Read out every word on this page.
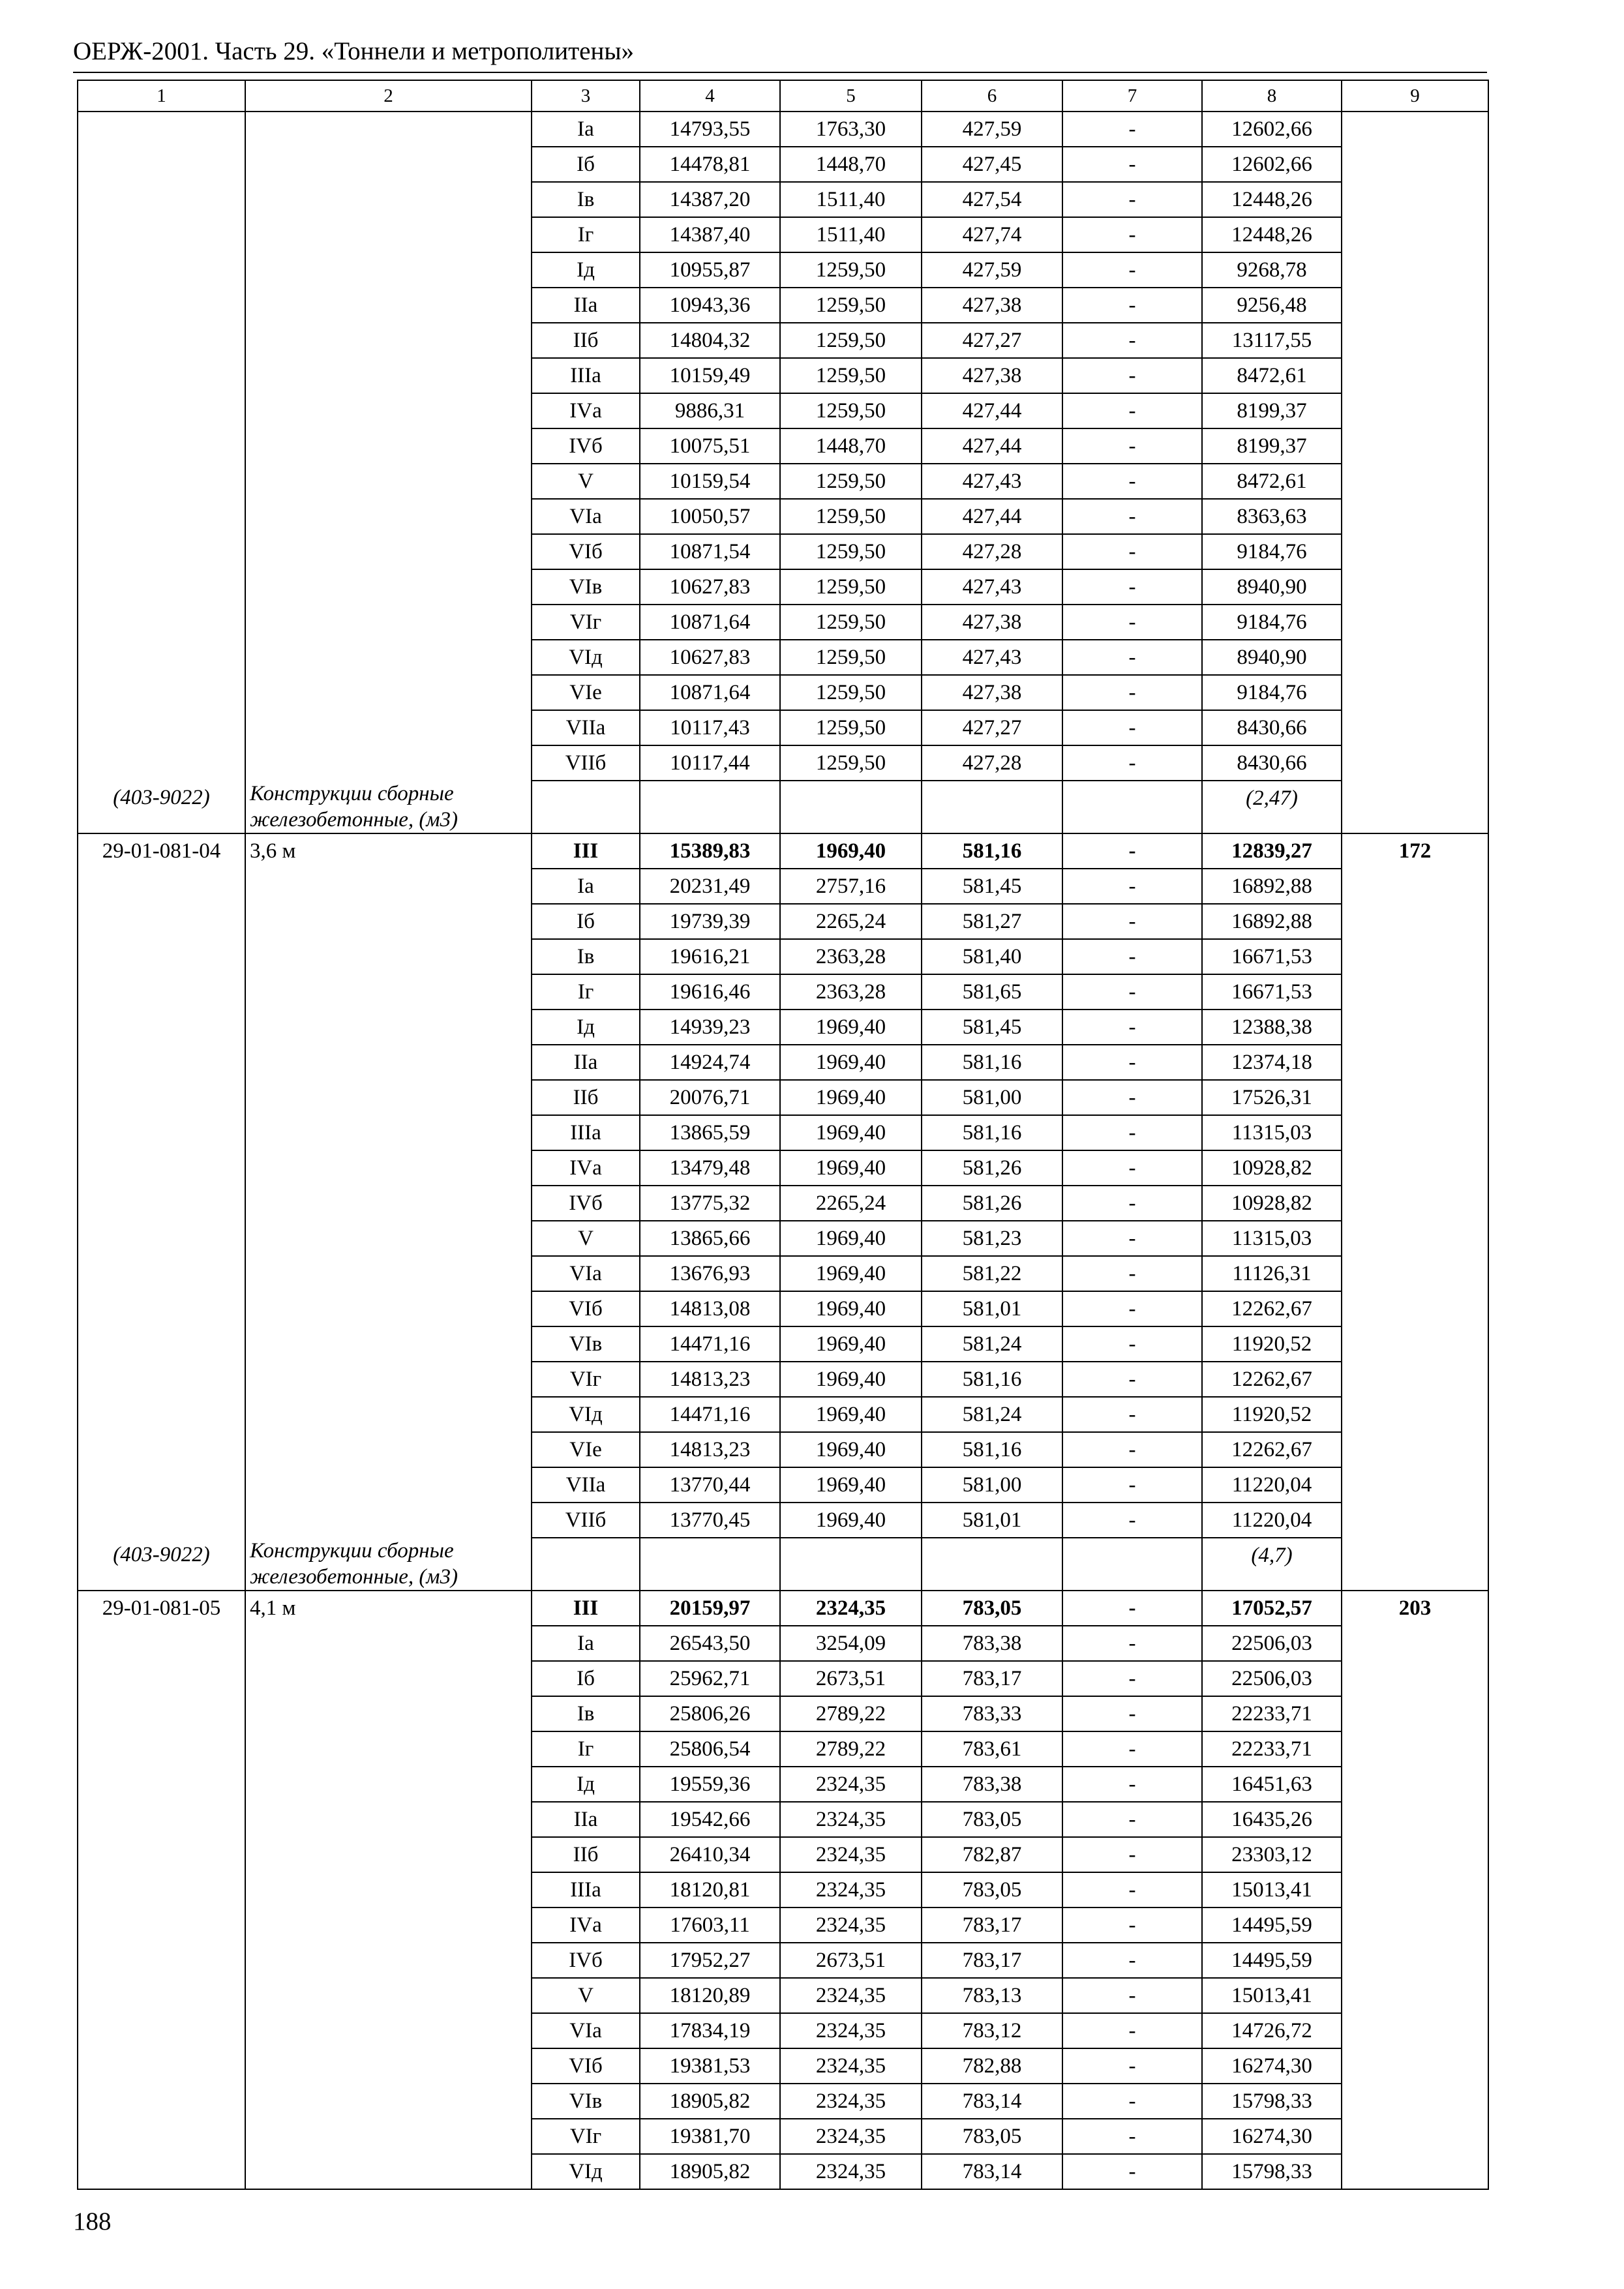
ОЕРЖ-2001. Часть 29. «Тоннели и метрополитены»
1	2	3	4	5	6	7	8	9
		Iа	14793,55	1763,30	427,59	-	12602,66	
		Iб	14478,81	1448,70	427,45	-	12602,66	
		Iв	14387,20	1511,40	427,54	-	12448,26	
		Iг	14387,40	1511,40	427,74	-	12448,26	
		Iд	10955,87	1259,50	427,59	-	9268,78	
		IIа	10943,36	1259,50	427,38	-	9256,48	
		IIб	14804,32	1259,50	427,27	-	13117,55	
		IIIа	10159,49	1259,50	427,38	-	8472,61	
		IVа	9886,31	1259,50	427,44	-	8199,37	
		IVб	10075,51	1448,70	427,44	-	8199,37	
		V	10159,54	1259,50	427,43	-	8472,61	
		VIа	10050,57	1259,50	427,44	-	8363,63	
		VIб	10871,54	1259,50	427,28	-	9184,76	
		VIв	10627,83	1259,50	427,43	-	8940,90	
		VIг	10871,64	1259,50	427,38	-	9184,76	
		VIд	10627,83	1259,50	427,43	-	8940,90	
		VIе	10871,64	1259,50	427,38	-	9184,76	
		VIIа	10117,43	1259,50	427,27	-	8430,66	
		VIIб	10117,44	1259,50	427,28	-	8430,66	
(403-9022)	Конструкции сборные железобетонные, (м3)						(2,47)	
29-01-081-04	3,6 м	III	15389,83	1969,40	581,16	-	12839,27	172
		Iа	20231,49	2757,16	581,45	-	16892,88	
		Iб	19739,39	2265,24	581,27	-	16892,88	
		Iв	19616,21	2363,28	581,40	-	16671,53	
		Iг	19616,46	2363,28	581,65	-	16671,53	
		Iд	14939,23	1969,40	581,45	-	12388,38	
		IIа	14924,74	1969,40	581,16	-	12374,18	
		IIб	20076,71	1969,40	581,00	-	17526,31	
		IIIа	13865,59	1969,40	581,16	-	11315,03	
		IVа	13479,48	1969,40	581,26	-	10928,82	
		IVб	13775,32	2265,24	581,26	-	10928,82	
		V	13865,66	1969,40	581,23	-	11315,03	
		VIа	13676,93	1969,40	581,22	-	11126,31	
		VIб	14813,08	1969,40	581,01	-	12262,67	
		VIв	14471,16	1969,40	581,24	-	11920,52	
		VIг	14813,23	1969,40	581,16	-	12262,67	
		VIд	14471,16	1969,40	581,24	-	11920,52	
		VIе	14813,23	1969,40	581,16	-	12262,67	
		VIIа	13770,44	1969,40	581,00	-	11220,04	
		VIIб	13770,45	1969,40	581,01	-	11220,04	
(403-9022)	Конструкции сборные железобетонные, (м3)						(4,7)	
29-01-081-05	4,1 м	III	20159,97	2324,35	783,05	-	17052,57	203
		Iа	26543,50	3254,09	783,38	-	22506,03	
		Iб	25962,71	2673,51	783,17	-	22506,03	
		Iв	25806,26	2789,22	783,33	-	22233,71	
		Iг	25806,54	2789,22	783,61	-	22233,71	
		Iд	19559,36	2324,35	783,38	-	16451,63	
		IIа	19542,66	2324,35	783,05	-	16435,26	
		IIб	26410,34	2324,35	782,87	-	23303,12	
		IIIа	18120,81	2324,35	783,05	-	15013,41	
		IVа	17603,11	2324,35	783,17	-	14495,59	
		IVб	17952,27	2673,51	783,17	-	14495,59	
		V	18120,89	2324,35	783,13	-	15013,41	
		VIа	17834,19	2324,35	783,12	-	14726,72	
		VIб	19381,53	2324,35	782,88	-	16274,30	
		VIв	18905,82	2324,35	783,14	-	15798,33	
		VIг	19381,70	2324,35	783,05	-	16274,30	
		VIд	18905,82	2324,35	783,14	-	15798,33	
188
